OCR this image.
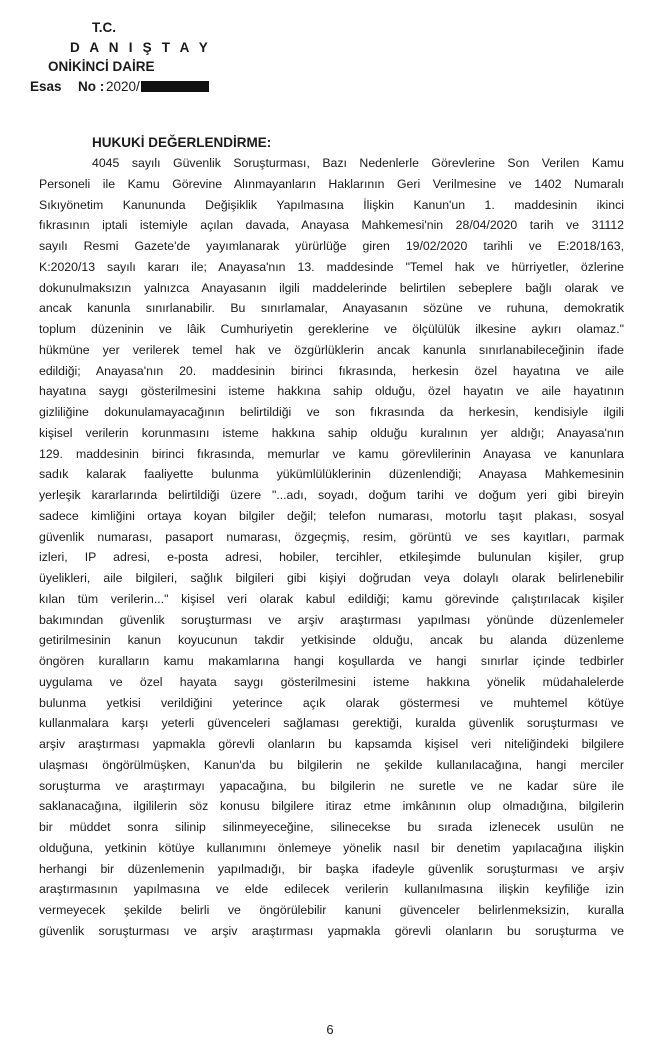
T.C.
D A N I Ş T A Y
ONİKİNCİ DAİRE
Esas No : 2020/
HUKUKİ DEĞERLENDİRME:
4045 sayılı Güvenlik Soruşturması, Bazı Nedenlerle Görevlerine Son Verilen Kamu
Personeli ile Kamu Görevine Alınmayanların Haklarının Geri Verilmesine ve 1402 Numaralı
Sıkıyönetim Kanununda Değişiklik Yapılmasına İlişkin Kanun'un 1. maddesinin ikinci
fıkrasının iptali istemiyle açılan davada, Anayasa Mahkemesi'nin 28/04/2020 tarih ve 31112
sayılı Resmi Gazete'de yayımlanarak yürürlüğe giren 19/02/2020 tarihli ve E:2018/163,
K:2020/13 sayılı kararı ile; Anayasa'nın 13. maddesinde "Temel hak ve hürriyetler, özlerine
dokunulmaksızın yalnızca Anayasanın ilgili maddelerinde belirtilen sebeplere bağlı olarak ve
ancak kanunla sınırlanabilir. Bu sınırlamalar, Anayasanın sözüne ve ruhuna, demokratik
toplum düzeninin ve lâik Cumhuriyetin gereklerine ve ölçülülük ilkesine aykırı olamaz."
hükmüne yer verilerek temel hak ve özgürlüklerin ancak kanunla sınırlanabileceğinin ifade
edildiği; Anayasa'nın 20. maddesinin birinci fıkrasında, herkesin özel hayatına ve aile
hayatına saygı gösterilmesini isteme hakkına sahip olduğu, özel hayatın ve aile hayatının
gizliliğine dokunulamayacağının belirtildiği ve son fıkrasında da herkesin, kendisiyle ilgili
kişisel verilerin korunmasını isteme hakkına sahip olduğu kuralının yer aldığı; Anayasa'nın
129. maddesinin birinci fıkrasında, memurlar ve kamu görevlilerinin Anayasa ve kanunlara
sadık kalarak faaliyette bulunma yükümlülüklerinin düzenlendiği; Anayasa Mahkemesinin
yerleşik kararlarında belirtildiği üzere "...adı, soyadı, doğum tarihi ve doğum yeri gibi bireyin
sadece kimliğini ortaya koyan bilgiler değil; telefon numarası, motorlu taşıt plakası, sosyal
güvenlik numarası, pasaport numarası, özgeçmiş, resim, görüntü ve ses kayıtları, parmak
izleri, IP adresi, e-posta adresi, hobiler, tercihler, etkileşimde bulunulan kişiler, grup
üyelikleri, aile bilgileri, sağlık bilgileri gibi kişiyi doğrudan veya dolaylı olarak belirlenebilir
kılan tüm verilerin..." kişisel veri olarak kabul edildiği; kamu görevinde çalıştırılacak kişiler
bakımından güvenlik soruşturması ve arşiv araştırması yapılması yönünde düzenlemeler
getirilmesinin kanun koyucunun takdir yetkisinde olduğu, ancak bu alanda düzenleme
öngören kuralların kamu makamlarına hangi koşullarda ve hangi sınırlar içinde tedbirler
uygulama ve özel hayata saygı gösterilmesini isteme hakkına yönelik müdahalelerde
bulunma yetkisi verildiğini yeterince açık olarak göstermesi ve muhtemel kötüye
kullanmalara karşı yeterli güvenceleri sağlaması gerektiği, kuralda güvenlik soruşturması ve
arşiv araştırması yapmakla görevli olanların bu kapsamda kişisel veri niteliğindeki bilgilere
ulaşması öngörülmüşken, Kanun'da bu bilgilerin ne şekilde kullanılacağına, hangi merciler
soruşturma ve araştırmayı yapacağına, bu bilgilerin ne suretle ve ne kadar süre ile
saklanacağına, ilgililerin söz konusu bilgilere itiraz etme imkânının olup olmadığına, bilgilerin
bir müddet sonra silinip silinmeyeceğine, silinecekse bu sırada izlenecek usulün ne
olduğuna, yetkinin kötüye kullanımını önlemeye yönelik nasıl bir denetim yapılacağına ilişkin
herhangi bir düzenlemenin yapılmadığı, bir başka ifadeyle güvenlik soruşturması ve arşiv
araştırmasının yapılmasına ve elde edilecek verilerin kullanılmasına ilişkin keyfiliğe izin
vermeyecek şekilde belirli ve öngörülebilir kanuni güvenceler belirlenmeksizin, kuralla
güvenlik soruşturması ve arşiv araştırması yapmakla görevli olanların bu soruşturma ve
6
